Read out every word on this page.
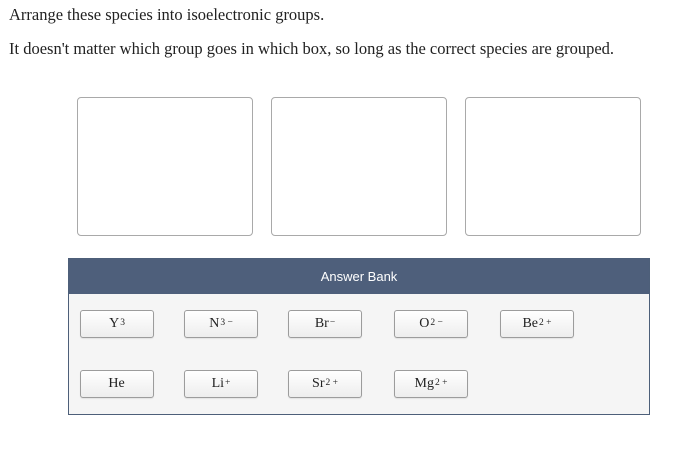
Arrange these species into isoelectronic groups.

It doesn't matter which group goes in which box, so long as the correct species are grouped.

Answer Bank
$Y^3$	$N^{3 -}$	Br−	$O^{2 -}$	$Be^{2 +}$
He	Li+	$Sr^{2 +}$	$Mg^{2 +}$
